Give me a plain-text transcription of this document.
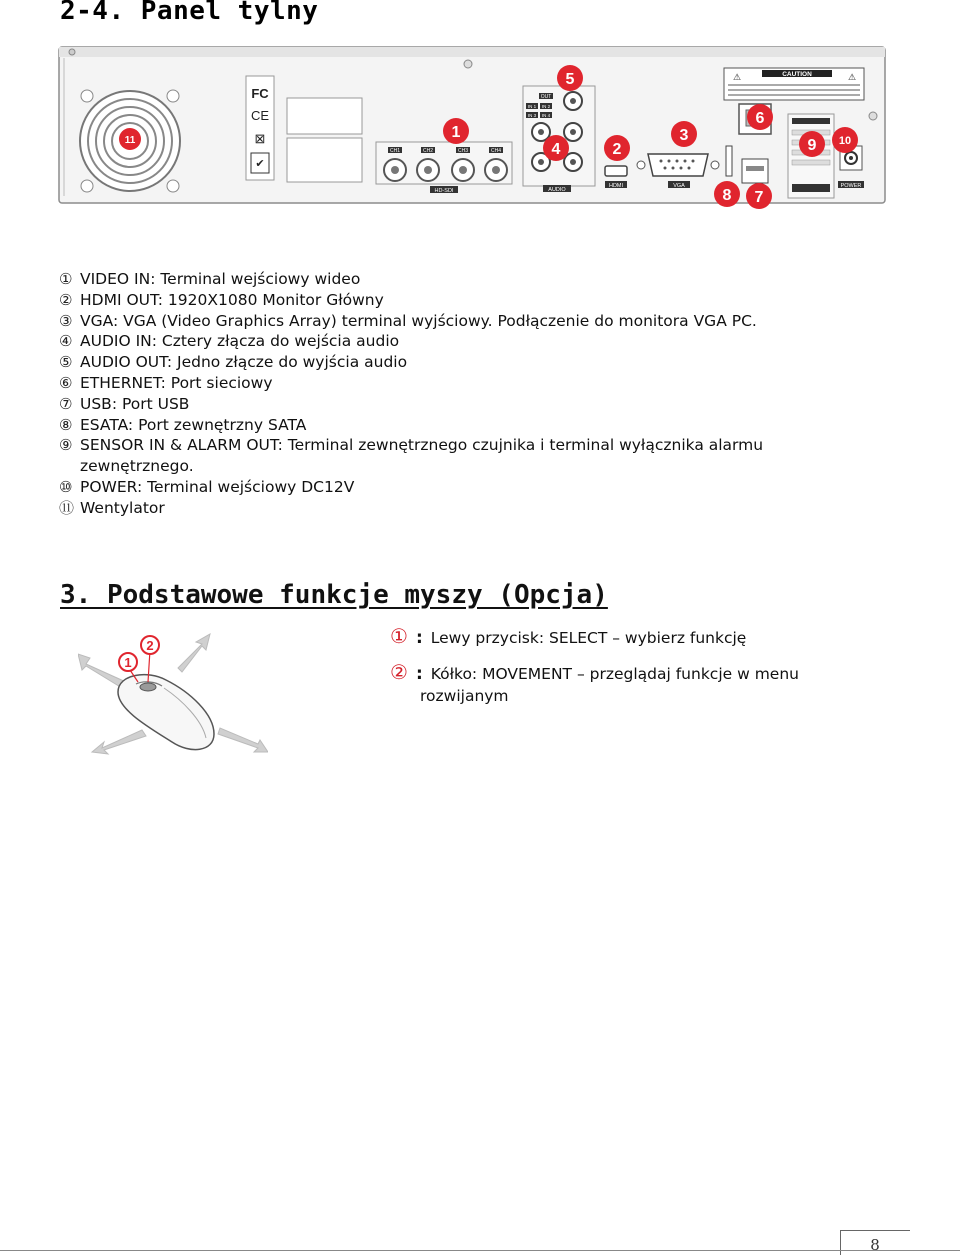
2-4. Panel tylny
FC
CE
⊠
✔
CH1	CH2	CH3	CH4
HD-SDI
OUT
IN 1 IN 2
IN 3 IN 4
AUDIO
HDMI	VGA
CAUTION
⚠	⚠
POWER
11	1
2
3
4
5
6
7
8
9 10
① VIDEO IN: Terminal wejściowy wideo
② HDMI OUT: 1920X1080 Monitor Główny
③ VGA: VGA (Video Graphics Array) terminal wyjściowy. Podłączenie do monitora VGA PC.
④ AUDIO IN: Cztery złącza do wejścia audio
⑤ AUDIO OUT: Jedno złącze do wyjścia audio
⑥ ETHERNET: Port sieciowy
⑦ USB: Port USB
⑧ ESATA: Port zewnętrzny SATA
⑨ SENSOR IN & ALARM OUT: Terminal zewnętrznego czujnika i terminal wyłącznika alarmu
zewnętrznego.
⑩ POWER: Terminal wejściowy DC12V
⑪ Wentylator
3. Podstawowe funkcje myszy (Opcja)
1
2	① : Lewy przycisk: SELECT – wybierz funkcję
② : Kółko: MOVEMENT – przeglądaj funkcje w menu
rozwijanym
8
